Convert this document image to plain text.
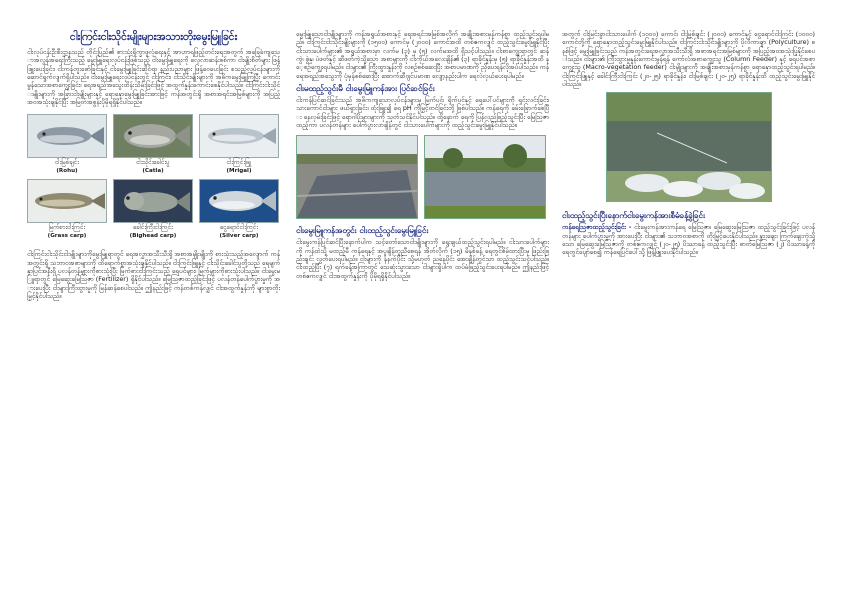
ငါးကြင်းငါးသိုင်းမျိုးများအသားတိုးမွေးမြူခြင်း

ငါးလုပ်ငန်းဦးစီးဌာနသည် တိုင်းပြည်၏ စားသုံးရိုက္ခာဖူလုံရေးနှင့် အာဟာရဖြည့်တင်းရေးအတွက် အခြေခံကျသောအလွန်အရေးကြီးသည့် မွေးမြူရေးလုပ်ငန်းဖြစ်သည့် ငါးမွေးမြူရေးကို လေ့လာဆန်းစစ်ကာ ငါးမျိုးစိတ်များ ဖြန့်ဖြူးပေးခြင်း၊ ငါးကန်တူးဖော်ခြင်းနှင့် ငါးမွေးမြူခြင်းဆိုင်ရာ နည်းပညာများ ဖြန့်ဝေပေးခြင်း စသည့်လုပ်ငန်းများကို ဆောင်ရွက်လျက်ရှိပါသည်။ ငါးမွေးမြူရေးလုပ်ငန်းတွင် ငါးကြင်း၊ ငါးသိုင်းမျိုးများကို အဓိကမွေးမြူကြပြီး ကောင်းမွန်သောအစာကျွေးခြင်း၊ ရေအရည်အသွေးထိန်းသိမ်းခြင်းဖြင့် အထွက်နှုန်းကောင်းစေနိုင်ပါသည်။ ငါးကြင်းငါးသိုင်းမျိုးများကို အခြားငါးမျိုးများနှင့် ရောနှောမွေးမြူခြင်းအားဖြင့် ကန်အတွင်းရှိ အစာအရင်းအမြစ်များကို အပြည့်အဝအသုံးချနိုင်ပြီး အမြတ်အစွန်းပိုမိုရရှိနိုင်ပါသည်။

ငါးမြစ်ချင်း
(Rohu)
ငါးသိုင်းခေါင်းပွ
(Catla)
ငါးကြင်းဖြူ
(Mrigal)
မြက်စားငါးကြင်း
(Grass carp)
ခေါင်းကြီးငါးကြင်း
(Bighead carp)
ငွေရောင်ငါးကြင်း
(Silver carp)

ငါးကြင်းငါးသိုင်းငါးမျိုးများကိုမွေးမြူရာတွင် ရေအလွှာအသီးသီးရှိ အစာအမျိုးမျိုးကို စားသုံးသည့်အလျောက် ကန်အတွင်းရှိ သဘာဝအစာများကို ထိရောက်စွာအသုံးချနိုင်ပါသည်။ ငါးကြင်းဖြူနှင့် ငါးသိုင်းခေါင်းပွတို့သည် ရေမျက်နှာပြင်အနီးရှိ ပလန်တန်များကိုစားသုံးပြီး မြက်စားငါးကြင်းသည် ရေပင်များ၊ မြက်များကိုစားသုံးပါသည်။ ငါးမွေးမြူရာတွင် မြေဆွေးမြေသြဇာ (Fertilizer) ရှိနိုင်ပါသည်။ မြေဩဇာထည့်ခြင်းဖြင့် ပလန်တန်ပေါက်ပွားမှုကို အားပေးပြီး ငါးများကြီးထွားမှုကို မြန်ဆန်စေပါသည်။ ဤနည်းဖြင့် ကန်တစ်ကန်လျှင် ငါးအထွက်နှုန်းကို များစွာတိုးမြှင့်နိုင်ပါသည်။

မွေးမြူသောငါးမျိုးများကို ကန်အရွယ်အစားနှင့် ရေအရင်းအမြစ်အလိုက် အချိုးအစားမှန်ကန်စွာ ထည့်သွင်းရပါမည်။ ငါးကြင်းငါးသိုင်းမျိုးများကို (၁၅၀၀) ကောင်မှ (၂၀၀၀) ကောင်အထိ တစ်ဧကလျှင် ထည့်သွင်းမွေးမြူနိုင်ပြီး ငါးသားပေါက်များ၏ အရွယ်အစားမှာ လက်မ (၃) မှ (၅) လက်မအထိ ရှိသင့်ပါသည်။ ငါးစာကျွေးရာတွင် ဆန်ကွဲ၊ ဖွဲနု၊ ပဲဖတ်နှင့် ဆီဖတ်ကဲ့သို့သော အစာများကို ငါးကိုယ်အလေးချိန်၏ (၃) ရာခိုင်နှုန်းမှ (၅) ရာခိုင်နှုန်းအထိ နေ့စဉ်ကျွေးရပါမည်။ ငါးများ၏ ကြီးထွားနှုန်းကို လစဉ်စစ်ဆေးပြီး အစာပမာဏကို ညှိပေးရန်လိုအပ်ပါသည်။ ကန်ရေအရည်အသွေးကို ပုံမှန်စစ်ဆေးပြီး အောက်ဆီဂျင်ပမာဏ လျော့နည်းပါက ရေလဲလှယ်ပေးရပါမည်။

ငါးမထည့်သွင်းမီ ငါးမွေးမြူကန်အား ပြင်ဆင်ခြင်း

ငါးကန်ပြင်ဆင်ခြင်းသည် အဓိကကျသောလုပ်ငန်းများမှ မြက်ပင်၊ ရိုက်ပင်နှင့် ရေပေါ်ပင်များကို ရှင်းလင်းခြင်း၊ သားကောင်ငါးများ ဖယ်ရှားခြင်း၊ ထုံးဖြူး၍ ရေ pH ကိုမြှင့်တင်ခြင်းတို့ ဖြစ်ပါသည်။ ကန်ရေကို ခမ်းခြောက်စေပြီး နေလှမ်းခြင်းဖြင့် ရောဂါပိုးမွှားများကို သုတ်သင်နိုင်ပါသည်။ ထို့နောက် ရေကို ပြန်လည်ဖြည့်သွင်းပြီး မြေဩဇာထည့်ကာ ပလန်တန်များ ပေါက်ပွားလာချိန်တွင် ငါးသားပေါက်များကို ထည့်သွင်းမွေးမြူနိုင်ပါသည်။

ငါးမွေးမြူကန်အတွင်း ငါးထည့်သွင်းမွေးမြူခြင်း

ငါးမွေးကန်ပြင်ဆင်ပြီးနောက်ပါက သင့်တော်သောငါးမျိုးများကို ရွေးချယ်ထည့်သွင်းရပါမည်။ ငါးသားပေါက်များကို ကန်ထဲသို့ မထည့်မီ ကန်ရေနှင့် အပူချိန်တူညီစေရန် အိတ်လိုက် (၁၅) မိနစ်ခန့် ရေတွင်စိမ်ထားပြီးမှ ဖြည်းဖြည်းချင်း လွှတ်ပေးရပါမည်။ ငါးများကို နံနက်ပိုင်း သို့မဟုတ် ညနေပိုင်း အေးချိန်တွင်သာ ထည့်သွင်းသင့်ပါသည်။ ငါးထည့်ပြီး (၇) ရက်ခန့်အကြာတွင် သေဆုံးသွားသော ငါးများရှိပါက ထပ်မံဖြည့်သွင်းပေးရပါမည်။ ဤနည်းဖြင့် တစ်ဧကလျှင် ငါးအထွက်နှုန်းကို ပိုမိုရရှိနိုင်ပါသည်။

အတွက် ငါးမြင်းခွာငါးသားပေါက် (၁၀၀၀) ကောင်၊ ငါးမြစ်ချင်း (၂၀၀၀) ကောင်နှင့် ငွေရောင်ငါးကြင်း (၁၀၀၀) ကောင်တို့ကို ရောနှောထည့်သွင်းမွေးမြူနိုင်ပါသည်။ ငါးကြင်းငါးသိုင်းမျိုးများကို ပိုလီကာချာ (Polyculture) စနစ်ဖြင့် မွေးမြူခြင်းသည် ကန်အတွင်းရေအလွှာအသီးသီးရှိ အစာအရင်းအမြစ်များကို အပြည့်အဝအသုံးပြုနိုင်စေပါသည်။ ငါးများ၏ ကြီးထွားမှုနှုန်းကောင်းမွန်ရန် ကော်လံအစာကျွေးသူ (Column Feeder) နှင့် ရေပင်အစာကျွေးသူ (Macro-vegetation feeder) ငါးမျိုးများကို အချိုးအစားမှန်ကန်စွာ ရောနှောထည့်သွင်းရပါမည်။ ငါးကြင်းဖြူနှင့် ခေါင်းကြီးငါးကြင်း (၂၀-၂၅) ရာခိုင်နှုန်း၊ ငါးမြစ်ချင်း (၂၀-၂၅) ရာခိုင်နှုန်းထိ ထည့်သွင်းမွေးမြူနိုင်ပါသည်။

ငါးထည့်သွင်းပြီးနောက်ငါးမွေးကန်အားစီမံခန့်ခွဲခြင်း

ကန်ရေဩဇာထည့်သွင်းခြင်း - ငါးမွေးကန်အားကန်ရေ မြေဩဇာ၊ မြေဆွေးမြေဩဇာ ထည့်သွင်းခြင်းဖြင့် ပလန်တန်များ ပေါက်ပွားမှုကို အားပေးပြီး ငါးများ၏ သဘာဝအစာကို တိုးမြှင့်ပေးနိုင်ပါသည်။ နွားချေး၊ ကြက်ချေးကဲ့သို့သော မြေဆွေးမြေဩဇာကို တစ်ဧကလျှင် (၂၀-၂၅) ပိဿာခန့် ထည့်သွင်းပြီး ဓာတ်မြေဩဇာ (၂) ပိဿာခန့်ကို ရေတွင်ပျော်စေ၍ ကန်ရေပြင်ပေါ်သို့ ဖြန့်ဖြူးပေးနိုင်ပါသည်။
